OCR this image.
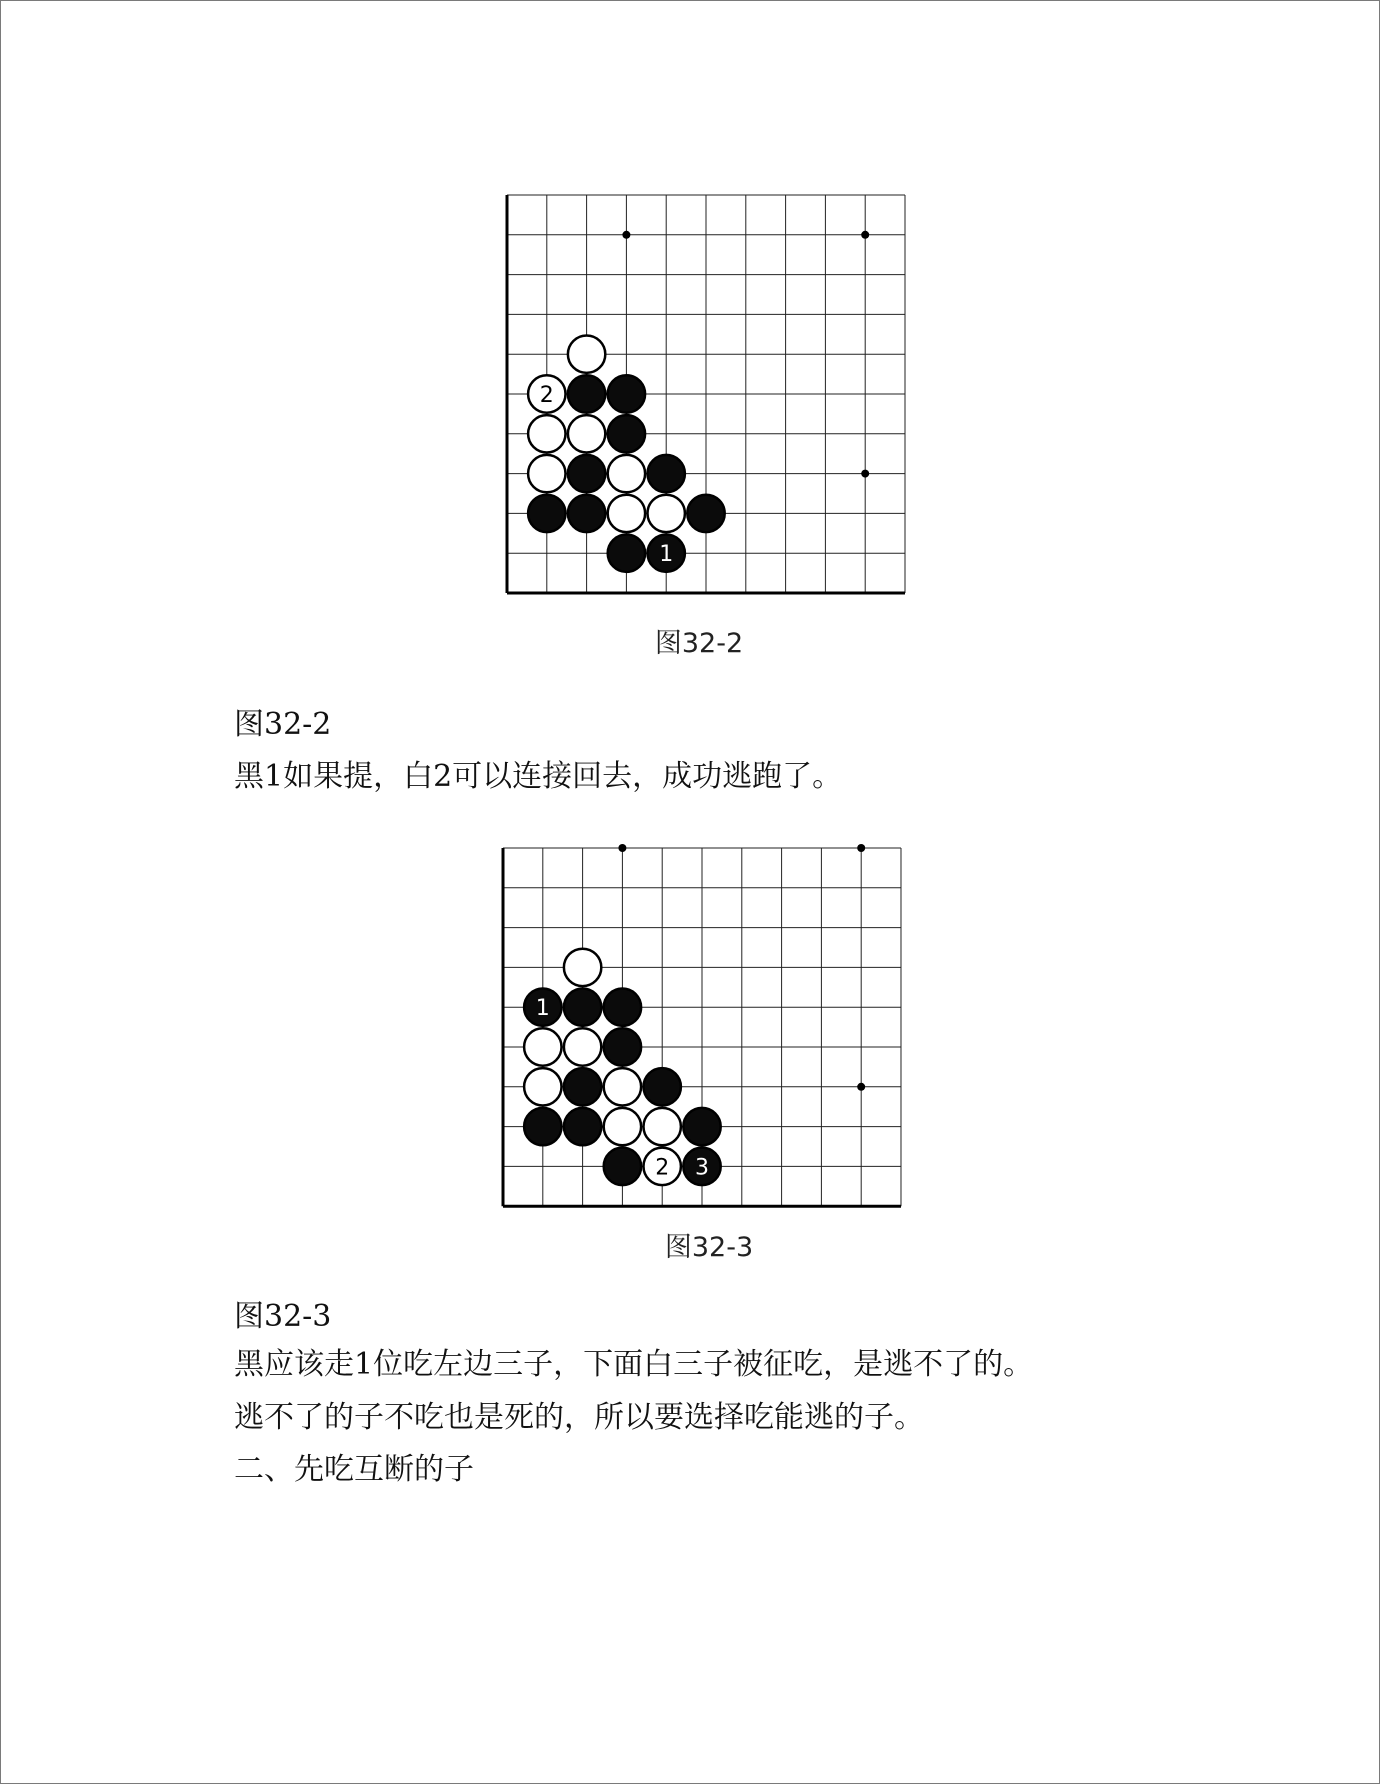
2
1
图32-2
图32-2
黑1如果提，白2可以连接回去，成功逃跑了。
1
2 3
图32-3
图32-3
黑应该走1位吃左边三子，下面白三子被征吃，是逃不了的。
逃不了的子不吃也是死的，所以要选择吃能逃的子。
二、先吃互断的子
